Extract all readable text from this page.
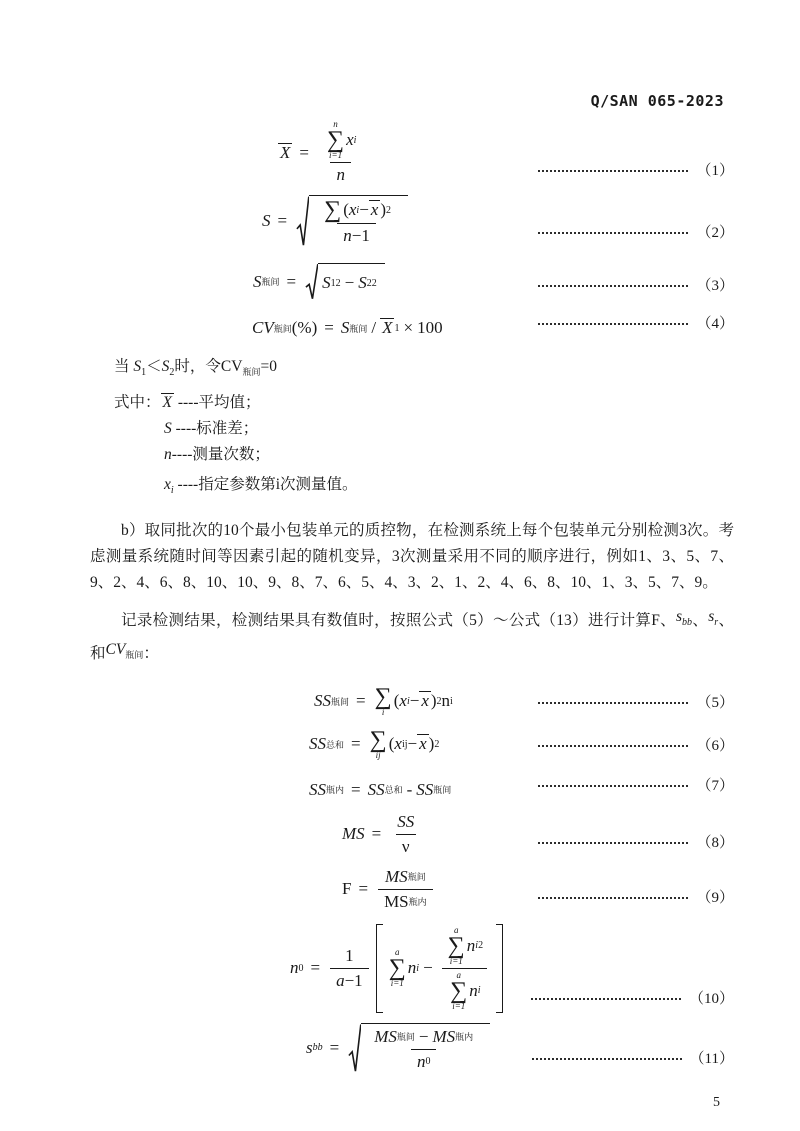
Q/SAN 065-2023
X = n
∑
i=1
x i
n	（1）
$S = \frac{\text{∑ ( x i − x ) 2}}{n -1}$	（2）
S 瓶间 = S 1 2 − S 2 2	（3）
CV 瓶间 (%) = S 瓶间 / X 1 × 100	（4）
当 $S_1<S_2$时，令$CV_{瓶间}=0$
式中： X ----平均值；
S ----标准差；
n----测量次数；
$x_i$ ----指定参数第i次测量值。

b）取同批次的10个最小包装单元的质控物，在检测系统上每个包装单元分别检测3次。考虑测量系统随时间等因素引起的随机变异，3次测量采用不同的顺序进行，例如1、3、5、7、9、2、4、6、8、10、10、9、8、7、6、5、4、3、2、1、2、4、6、8、10、1、3、5、7、9。

记录检测结果，检测结果具有数值时，按照公式（5）～公式（13）进行计算F、$s_{bb}$、$s_r$、和$CV_{瓶间}$：

SS 瓶间 = ∑
i
( x i − x ) 2 n i	（5）
SS 总和 = ∑
ij
( x ij − x ) 2	（6）
SS 瓶内 = SS 总和 - SS 瓶间	（7）
MS = $\frac{SS}{\nu}$	（8）
$F = \frac{\text{MS 瓶间}}{\text{MS 瓶内}}$	（9）
n $0 = \frac{1}{a -1}$	a
∑
i=1
n i − a
∑
i=1
n i 2
a
∑
i=1
n i	（10）
s bb = $\frac{\text{MS 瓶间 − MS 瓶内}}{n 0}$	（11）
5
